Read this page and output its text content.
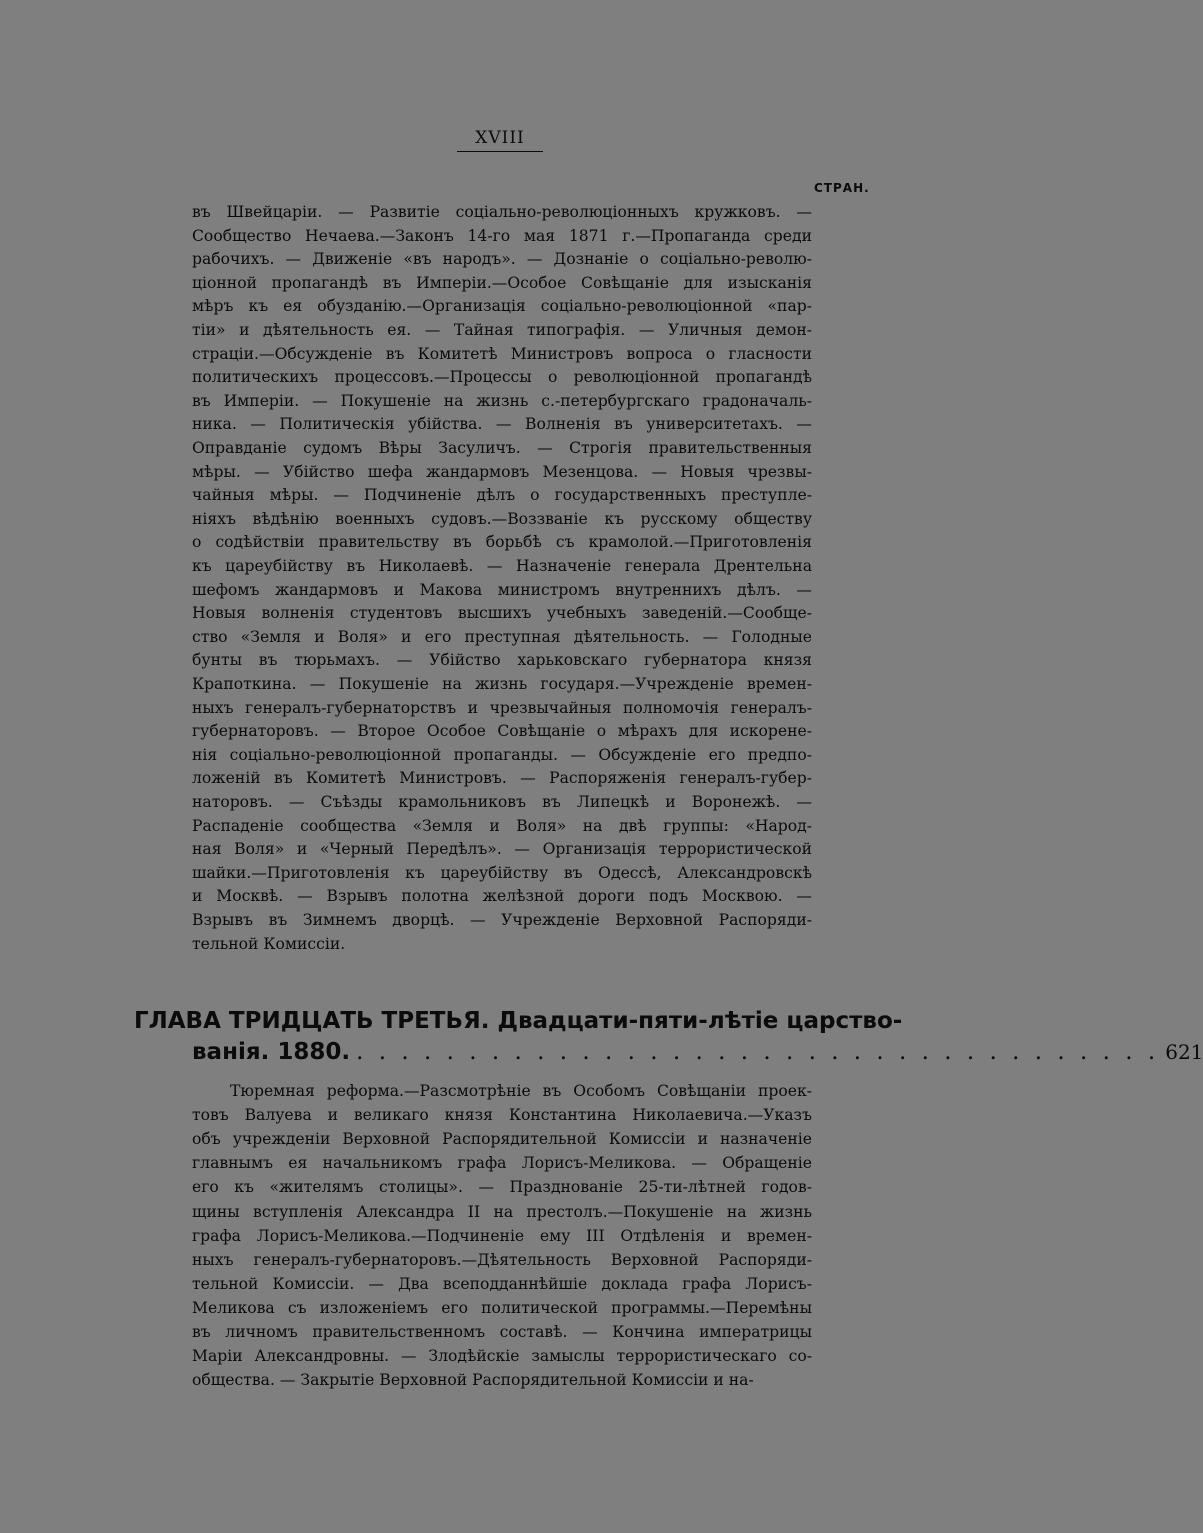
XVIII
СТРАН.
въ Швейцаріи. — Развитіе соціально-революціонныхъ кружковъ. —
Сообщество Нечаева.—Законъ 14-го мая 1871 г.—Пропаганда среди
рабочихъ. — Движеніе «въ народъ». — Дознаніе о соціально-револю-
ціонной пропагандѣ въ Имперіи.—Особое Совѣщаніе для изысканія
мѣръ къ ея обузданію.—Организація соціально-революціонной «пар-
тіи» и дѣятельность ея. — Тайная типографія. — Уличныя демон-
страціи.—Обсужденіе въ Комитетѣ Министровъ вопроса о гласности
политическихъ процессовъ.—Процессы о революціонной пропагандѣ
въ Имперіи. — Покушеніе на жизнь с.-петербургскаго градоначаль-
ника. — Политическія убійства. — Волненія въ университетахъ. —
Оправданіе судомъ Вѣры Засуличъ. — Строгія правительственныя
мѣры. — Убійство шефа жандармовъ Мезенцова. — Новыя чрезвы-
чайныя мѣры. — Подчиненіе дѣлъ о государственныхъ преступле-
ніяхъ вѣдѣнію военныхъ судовъ.—Воззваніе къ русскому обществу
о содѣйствіи правительству въ борьбѣ съ крамолой.—Приготовленія
къ цареубійству въ Николаевѣ. — Назначеніе генерала Дрентельна
шефомъ жандармовъ и Макова министромъ внутреннихъ дѣлъ. —
Новыя волненія студентовъ высшихъ учебныхъ заведеній.—Сообще-
ство «Земля и Воля» и его преступная дѣятельность. — Голодные
бунты въ тюрьмахъ. — Убійство харьковскаго губернатора князя
Крапоткина. — Покушеніе на жизнь государя.—Учрежденіе времен-
ныхъ генералъ-губернаторствъ и чрезвычайныя полномочія генералъ-
губернаторовъ. — Второе Особое Совѣщаніе о мѣрахъ для искорене-
нія соціально-революціонной пропаганды. — Обсужденіе его предпо-
ложеній въ Комитетѣ Министровъ. — Распоряженія генералъ-губер-
наторовъ. — Съѣзды крамольниковъ въ Липецкѣ и Воронежѣ. —
Распаденіе сообщества «Земля и Воля» на двѣ группы: «Народ-
ная Воля» и «Черный Передѣлъ». — Организація террористической
шайки.—Приготовленія къ цареубійству въ Одессѣ, Александровскѣ
и Москвѣ. — Взрывъ полотна желѣзной дороги подъ Москвою. —
Взрывъ въ Зимнемъ дворцѣ. — Учрежденіе Верховной Распоряди-
тельной Комиссіи.
ГЛАВА ТРИДЦАТЬ ТРЕТЬЯ. Двадцати-пяти-лѣтіе царство-
ванія. 1880. . . . . . . . . . . . . . . . . . . . . . . . . . . . . . . . . . . . . 621
Тюремная реформа.—Разсмотрѣніе въ Особомъ Совѣщаніи проек-
товъ Валуева и великаго князя Константина Николаевича.—Указъ
объ учрежденіи Верховной Распорядительной Комиссіи и назначеніе
главнымъ ея начальникомъ графа Лорисъ-Меликова. — Обращеніе
его къ «жителямъ столицы». — Празднованіе 25-ти-лѣтней годов-
щины вступленія Александра II на престолъ.—Покушеніе на жизнь
графа Лорисъ-Меликова.—Подчиненіе ему III Отдѣленія и времен-
ныхъ генералъ-губернаторовъ.—Дѣятельность Верховной Распоряди-
тельной Комиссіи. — Два всеподданнѣйшіе доклада графа Лорисъ-
Меликова съ изложеніемъ его политической программы.—Перемѣны
въ личномъ правительственномъ составѣ. — Кончина императрицы
Маріи Александровны. — Злодѣйскіе замыслы террористическаго со-
общества. — Закрытіе Верховной Распорядительной Комиссіи и на-
